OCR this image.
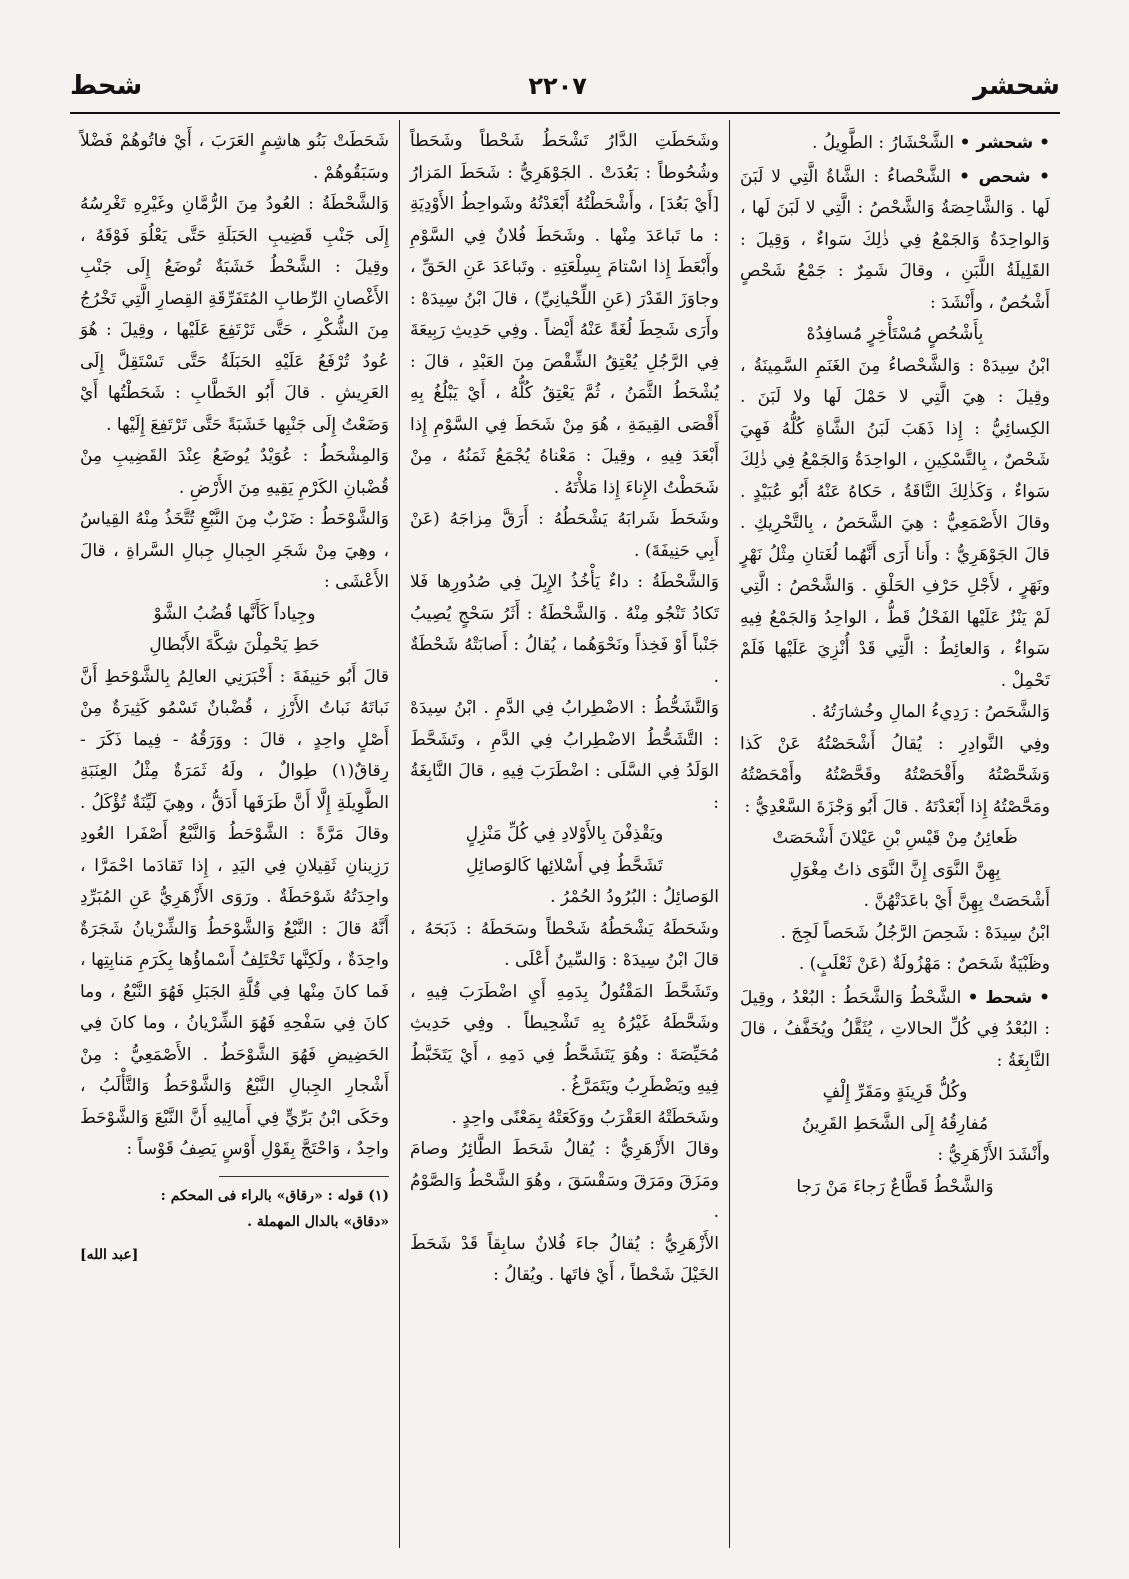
شحشر
٢٢٠٧
شحط

• شحشر • الشَّحْشَارُ : الطَّوِيلُ .

• شحص • الشَّحْصاءُ : الشَّاةُ الَّتِي لا لَبَنَ لَها . وَالشَّاحِصَةُ وَالشَّحْصُ : الَّتِي لا لَبَنَ لَها ، وَالواحِدَةُ وَالجَمْعُ فِي ذٰلِكَ سَواءٌ ، وَقِيلَ : القَلِيلَةُ اللَّبَنِ ، وقالَ شَمِرٌ : جَمْعُ شَحْصٍ أَشْحُصٌ ، وأَنْشَدَ :

بِأَشْحُصٍ مُسْتَأْخِرٍ مُسافِدُهْ

ابْنُ سِيدَهْ : وَالشَّحْصاءُ مِنَ الغَنَمِ السَّمِينَةُ ، وقِيلَ : هِيَ الَّتِي لا حَمْلَ لَها ولا لَبَنَ . الكِسائِيُّ : إِذا ذَهَبَ لَبَنُ الشَّاةِ كُلُّهُ فَهِيَ شَحْصٌ ، بِالتَّسْكِينِ ، الواحِدَةُ وَالجَمْعُ فِي ذٰلِكَ سَواءٌ ، وَكَذٰلِكَ النَّاقَةُ ، حَكاهُ عَنْهُ أَبُو عُبَيْدٍ . وقالَ الأَصْمَعِيُّ : هِيَ الشَّحَصُ ، بِالتَّحْرِيكِ . قالَ الجَوْهَرِيُّ : وأَنا أَرَى أَنَّهُما لُغَتانِ مِثْلُ نَهْرٍ ونَهَرٍ ، لأَجْلِ حَرْفِ الحَلْقِ . وَالشَّحْصُ : الَّتِي لَمْ يَنْزُ عَلَيْها الفَحْلُ قَطُّ ، الواحِدُ وَالجَمْعُ فِيهِ سَواءٌ ، وَالعائِطُ : الَّتِي قَدْ أُنْزِيَ عَلَيْها فَلَمْ تَحْمِلْ .

وَالشَّحَصُ : رَدِيءُ المالِ وخُشارَتُهُ .

وفِي النَّوادِرِ : يُقالُ أَشْحَصْتُهُ عَنْ كَذا وَشَحَّصْتُهُ وأَقْحَصْتُهُ وقَحَّصْتُهُ وأَمْحَصْتُهُ ومَحَّصْتُهُ إِذا أَبْعَدْتَهُ . قالَ أَبُو وَجْزَةَ السَّعْدِيُّ :

ظَعائِنُ مِنْ قَيْسِ بْنِ عَيْلانَ أَشْحَصَتْ

بِهِنَّ النَّوَى إِنَّ النَّوَى ذاتُ مِغْوَلِ

أَشْحَصَتْ بِهِنَّ أَيْ باعَدَتْهُنَّ .

ابْنُ سِيدَهْ : شَحِصَ الرَّجُلُ شَحَصاً لَجِجَ .

وظَبْيَةٌ شَحَصٌ : مَهْزُولَةٌ (عَنْ ثَعْلَبٍ) .

• شحط • الشَّحْطُ وَالشَّحَطُ : البُعْدُ ، وقِيلَ : البُعْدُ فِي كُلِّ الحالاتِ ، يُثَقَّلُ ويُخَفَّفُ ، قالَ النَّابِغَةُ :

وكُلُّ قَرِينَةٍ ومَقَرِّ إِلْفٍ

مُفارِقُهُ إِلَى الشَّحَطِ القَرِينُ

وأَنْشَدَ الأَزْهَرِيُّ :

وَالشَّحْطُ قَطَّاعٌ رَجاءَ مَنْ رَجا

وشَحَطَتِ الدَّارُ تَشْحَطُ شَحْطاً وشَحَطاً وشُحُوطاً : بَعُدَتْ . الجَوْهَرِيُّ : شَحَطَ المَزارُ [أَيْ بَعُدَ] ، وأَشْحَطْتُهُ أَبْعَدْتُهُ وشَواحِطُ الأَوْدِيَةِ : ما تَباعَدَ مِنْها . وشَحَطَ فُلانٌ فِي السَّوْمِ وأَبْعَطَ إِذا اسْتامَ بِسِلْعَتِهِ . وتَباعَدَ عَنِ الحَقِّ ، وجاوَزَ القَدْرَ (عَنِ اللِّحْيانِيِّ) ، قالَ ابْنُ سِيدَهْ : وأَرَى شَحِطَ لُغَةً عَنْهُ أَيْضاً . وفِي حَدِيثِ رَبِيعَةَ فِي الرَّجُلِ يُعْتِقُ الشِّقْصَ مِنَ العَبْدِ ، قالَ : يُشْحَطُ الثَّمَنُ ، ثُمَّ يَعْتِقُ كُلُّهُ ، أَيْ يَبْلُغُ بِهِ أَقْصَى القِيمَةِ ، هُوَ مِنْ شَحَطَ فِي السَّوْمِ إِذا أَبْعَدَ فِيهِ ، وقِيلَ : مَعْناهُ يُجْمَعُ ثَمَنُهُ ، مِنْ شَحَطْتُ الإِناءَ إِذا مَلأْتَهُ .

وشَحَطَ شَرابَهُ يَشْحَطُهُ : أَرَقَّ مِزاجَهُ (عَنْ أَبِي حَنِيفَةَ) .

وَالشَّحْطَةُ : داءٌ يَأْخُذُ الإِبِلَ فِي صُدُورِها فَلا تَكادُ تَنْجُو مِنْهُ . وَالشَّحْطَةُ : أَثَرُ سَحْجٍ يُصِيبُ جَنْباً أَوْ فَخِذاً ونَحْوَهُما ، يُقالُ : أَصابَتْهُ شَحْطَةٌ .

وَالتَّشَحُّطُ : الاضْطِرابُ فِي الدَّمِ . ابْنُ سِيدَهْ : التَّشَحُّطُ الاضْطِرابُ فِي الدَّمِ ، وتَشَحَّطَ الوَلَدُ فِي السَّلَى : اضْطَرَبَ فِيهِ ، قالَ النَّابِغَةُ :

ويَقْذِفْنَ بِالأَوْلادِ فِي كُلِّ مَنْزِلٍ

تَشَحَّطُ فِي أَسْلائِها كَالوَصائِلِ

الوَصائِلُ : البُرُودُ الحُمْرُ .

وشَحَطَهُ يَشْحَطُهُ شَحْطاً وسَحَطَهُ : ذَبَحَهُ ، قالَ ابْنُ سِيدَهْ : وَالسِّينُ أَعْلَى .

وتَشَحَّطَ المَقْتُولُ بِدَمِهِ أَيِ اضْطَرَبَ فِيهِ ، وشَحَّطَهُ غَيْرُهُ بِهِ تَشْحِيطاً . وفِي حَدِيثِ مُحَيِّصَةَ : وهُوَ يَتَشَحَّطُ فِي دَمِهِ ، أَيْ يَتَخَبَّطُ فِيهِ ويَضْطَرِبُ ويَتَمَرَّغُ .

وشَحَطَتْهُ العَقْرَبُ ووَكَعَتْهُ بِمَعْنًى واحِدٍ .

وقالَ الأَزْهَرِيُّ : يُقالُ شَحَطَ الطَّائِرُ وصامَ ومَزَقَ ومَرَقَ وسَقْسَقَ ، وهُوَ الشَّحْطُ وَالصَّوْمُ .

الأَزْهَرِيُّ : يُقالُ جاءَ فُلانٌ سابِقاً قَدْ شَحَطَ الخَيْلَ شَحْطاً ، أَيْ فاتَها . ويُقالُ :

شَحَطَتْ بَنُو هاشِمٍ العَرَبَ ، أَيْ فاتُوهُمْ فَضْلاً وسَبَقُوهُمْ .

وَالشَّحْطَةُ : العُودُ مِنَ الرُّمَّانِ وغَيْرِهِ تَغْرِسُهُ إِلَى جَنْبِ قَضِيبِ الحَبَلَةِ حَتَّى يَعْلُوَ فَوْقَهُ ، وقِيلَ : الشَّحْطُ خَشَبَةٌ تُوضَعُ إِلَى جَنْبِ الأَغْصانِ الرِّطابِ المُتَفَرِّقَةِ القِصارِ الَّتِي تَخْرُجُ مِنَ الشُّكْرِ ، حَتَّى تَرْتَفِعَ عَلَيْها ، وقِيلَ : هُوَ عُودٌ تُرْفَعُ عَلَيْهِ الحَبَلَةُ حَتَّى تَسْتَقِلَّ إِلَى العَرِيشِ . قالَ أَبُو الخَطَّابِ : شَحَطْتُها أَيْ وَضَعْتُ إِلَى جَنْبِها خَشَبَةً حَتَّى تَرْتَفِعَ إِلَيْها .

وَالمِشْحَطُ : عُوَيْدٌ يُوضَعُ عِنْدَ القَضِيبِ مِنْ قُضْبانِ الكَرْمِ يَقِيهِ مِنَ الأَرْضِ .

وَالشَّوْحَطُ : ضَرْبٌ مِنَ النَّبْعِ تُتَّخَذُ مِنْهُ القِياسُ ، وهِيَ مِنْ شَجَرِ الجِبالِ جِبالِ السَّراةِ ، قالَ الأَعْشَى :

وجِياداً كَأَنَّها قُضُبُ الشَّوْ

حَطِ يَحْمِلْنَ شِكَّةَ الأَبْطالِ

قالَ أَبُو حَنِيفَةَ : أَخْبَرَنِي العالِمُ بِالشَّوْحَطِ أَنَّ نَباتَهُ نَباتُ الأَرْزِ ، قُضْبانٌ تَسْمُو كَثِيرَةٌ مِنْ أَصْلٍ واحِدٍ ، قالَ : ووَرَقُهُ - فِيما ذَكَرَ - رِقاقٌ(١) طِوالٌ ، ولَهُ ثَمَرَةٌ مِثْلُ العِنَبَةِ الطَّوِيلَةِ إِلَّا أَنَّ طَرَفَها أَدَقُّ ، وهِيَ لَيِّنَةٌ تُؤْكَلُ . وقالَ مَرَّةً : الشَّوْحَطُ وَالنَّبْعُ أَصْفَرا العُودِ رَزِينانِ ثَقِيلانِ فِي اليَدِ ، إِذا تَقادَما احْمَرَّا ، واحِدَتُهُ شَوْحَطَةٌ . ورَوَى الأَزْهَرِيُّ عَنِ المُبَرِّدِ أَنَّهُ قالَ : النَّبْعُ وَالشَّوْحَطُ وَالشِّرْيانُ شَجَرَةٌ واحِدَةٌ ، ولَكِنَّها تَخْتَلِفُ أَسْماؤُها بِكَرَمِ مَنابِتِها ، فَما كانَ مِنْها فِي قُلَّةِ الجَبَلِ فَهُوَ النَّبْعُ ، وما كانَ فِي سَفْحِهِ فَهُوَ الشِّرْيانُ ، وما كانَ فِي الحَضِيضِ فَهُوَ الشَّوْحَطُ . الأَصْمَعِيُّ : مِنْ أَشْجارِ الجِبالِ النَّبْعُ وَالشَّوْحَطُ وَالتَّأْلَبُ ، وحَكَى ابْنُ بَرِّيٍّ فِي أَمالِيهِ أَنَّ النَّبْعَ وَالشَّوْحَطَ واحِدٌ ، وَاحْتَجَّ بِقَوْلِ أَوْسٍ يَصِفُ قَوْساً :

(١) قوله : «رقاق» بالراء فى المحكم :

«دقاق» بالدال المهملة .

[عبد الله]
